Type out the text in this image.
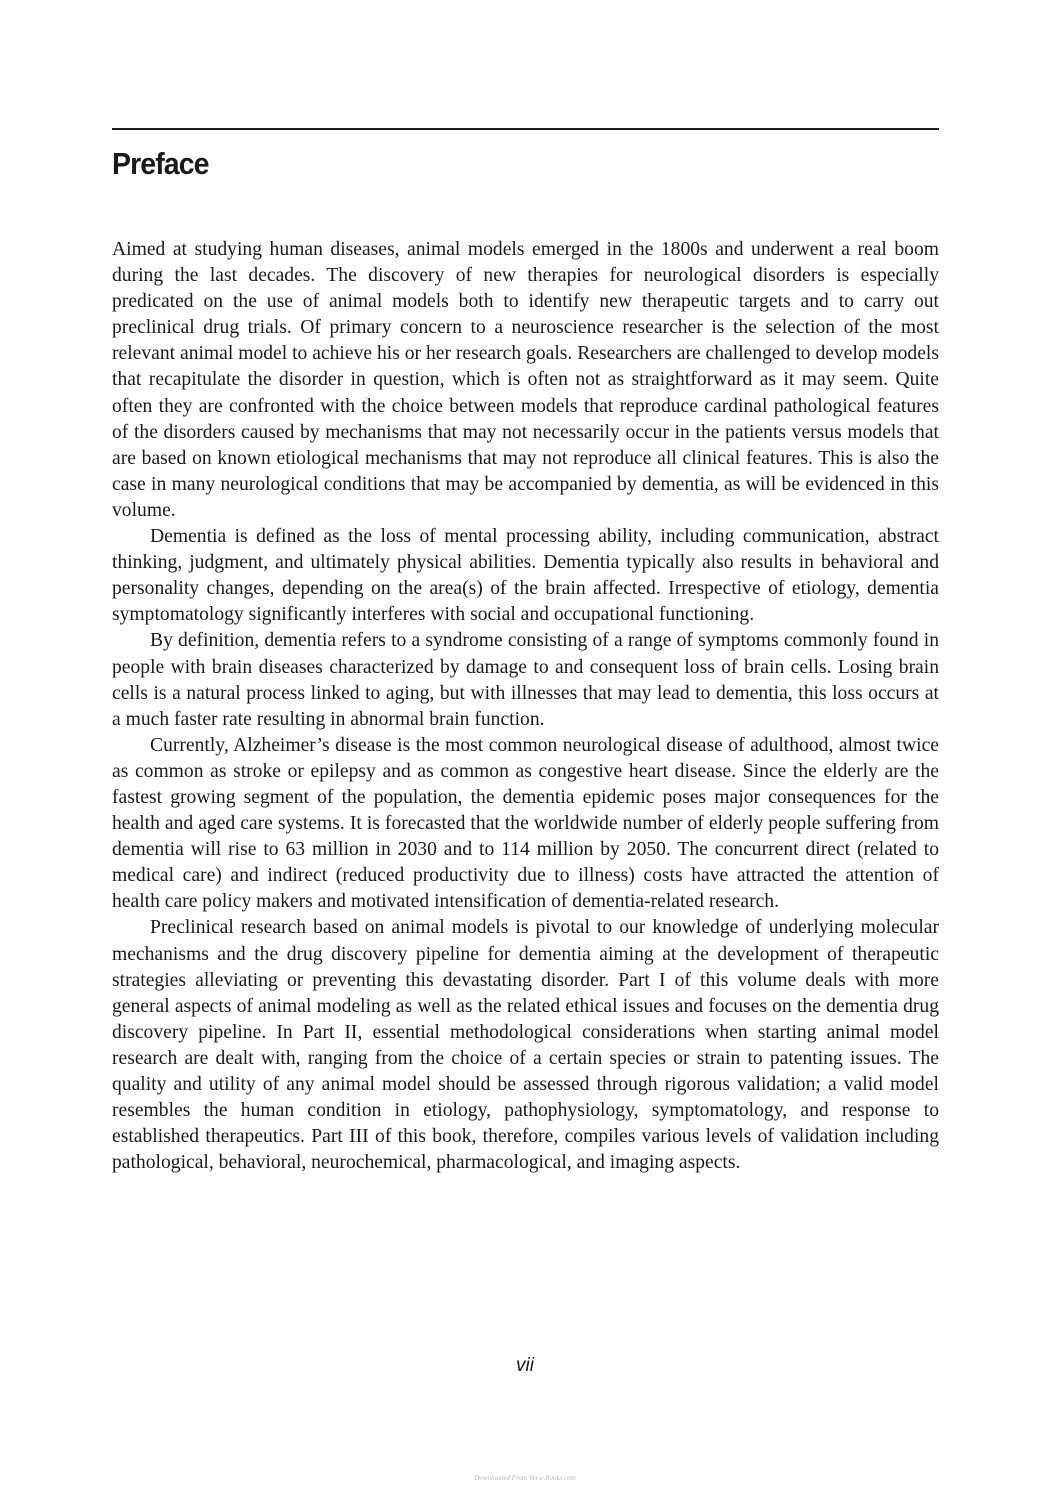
Preface

Aimed at studying human diseases, animal models emerged in the 1800s and underwent a real boom during the last decades. The discovery of new therapies for neurological disorders is especially predicated on the use of animal models both to identify new therapeutic targets and to carry out preclinical drug trials. Of primary concern to a neuroscience researcher is the selection of the most relevant animal model to achieve his or her research goals. Researchers are challenged to develop models that recapitulate the disorder in question, which is often not as straightforward as it may seem. Quite often they are confronted with the choice between models that reproduce cardinal pathological features of the disorders caused by mechanisms that may not necessarily occur in the patients versus models that are based on known etiological mechanisms that may not reproduce all clinical features. This is also the case in many neurological conditions that may be accompanied by dementia, as will be evidenced in this volume.

Dementia is defined as the loss of mental processing ability, including communication, abstract thinking, judgment, and ultimately physical abilities. Dementia typically also results in behavioral and personality changes, depending on the area(s) of the brain affected. Irrespective of etiology, dementia symptomatology significantly interferes with social and occupational functioning.

By definition, dementia refers to a syndrome consisting of a range of symptoms commonly found in people with brain diseases characterized by damage to and consequent loss of brain cells. Losing brain cells is a natural process linked to aging, but with illnesses that may lead to dementia, this loss occurs at a much faster rate resulting in abnormal brain function.

Currently, Alzheimer’s disease is the most common neurological disease of adulthood, almost twice as common as stroke or epilepsy and as common as congestive heart disease. Since the elderly are the fastest growing segment of the population, the dementia epidemic poses major consequences for the health and aged care systems. It is forecasted that the worldwide number of elderly people suffering from dementia will rise to 63 million in 2030 and to 114 million by 2050. The concurrent direct (related to medical care) and indirect (reduced productivity due to illness) costs have attracted the attention of health care policy makers and motivated intensification of dementia-related research.

Preclinical research based on animal models is pivotal to our knowledge of underlying molecular mechanisms and the drug discovery pipeline for dementia aiming at the development of therapeutic strategies alleviating or preventing this devastating disorder. Part I of this volume deals with more general aspects of animal modeling as well as the related ethical issues and focuses on the dementia drug discovery pipeline. In Part II, essential methodological considerations when starting animal model research are dealt with, ranging from the choice of a certain species or strain to patenting issues. The quality and utility of any animal model should be assessed through rigorous validation; a valid model resembles the human condition in etiology, pathophysiology, symptomatology, and response to established therapeutics. Part III of this book, therefore, compiles various levels of validation including pathological, behavioral, neurochemical, pharmacological, and imaging aspects.

vii
Downloaded From Vet-e-Books.com
